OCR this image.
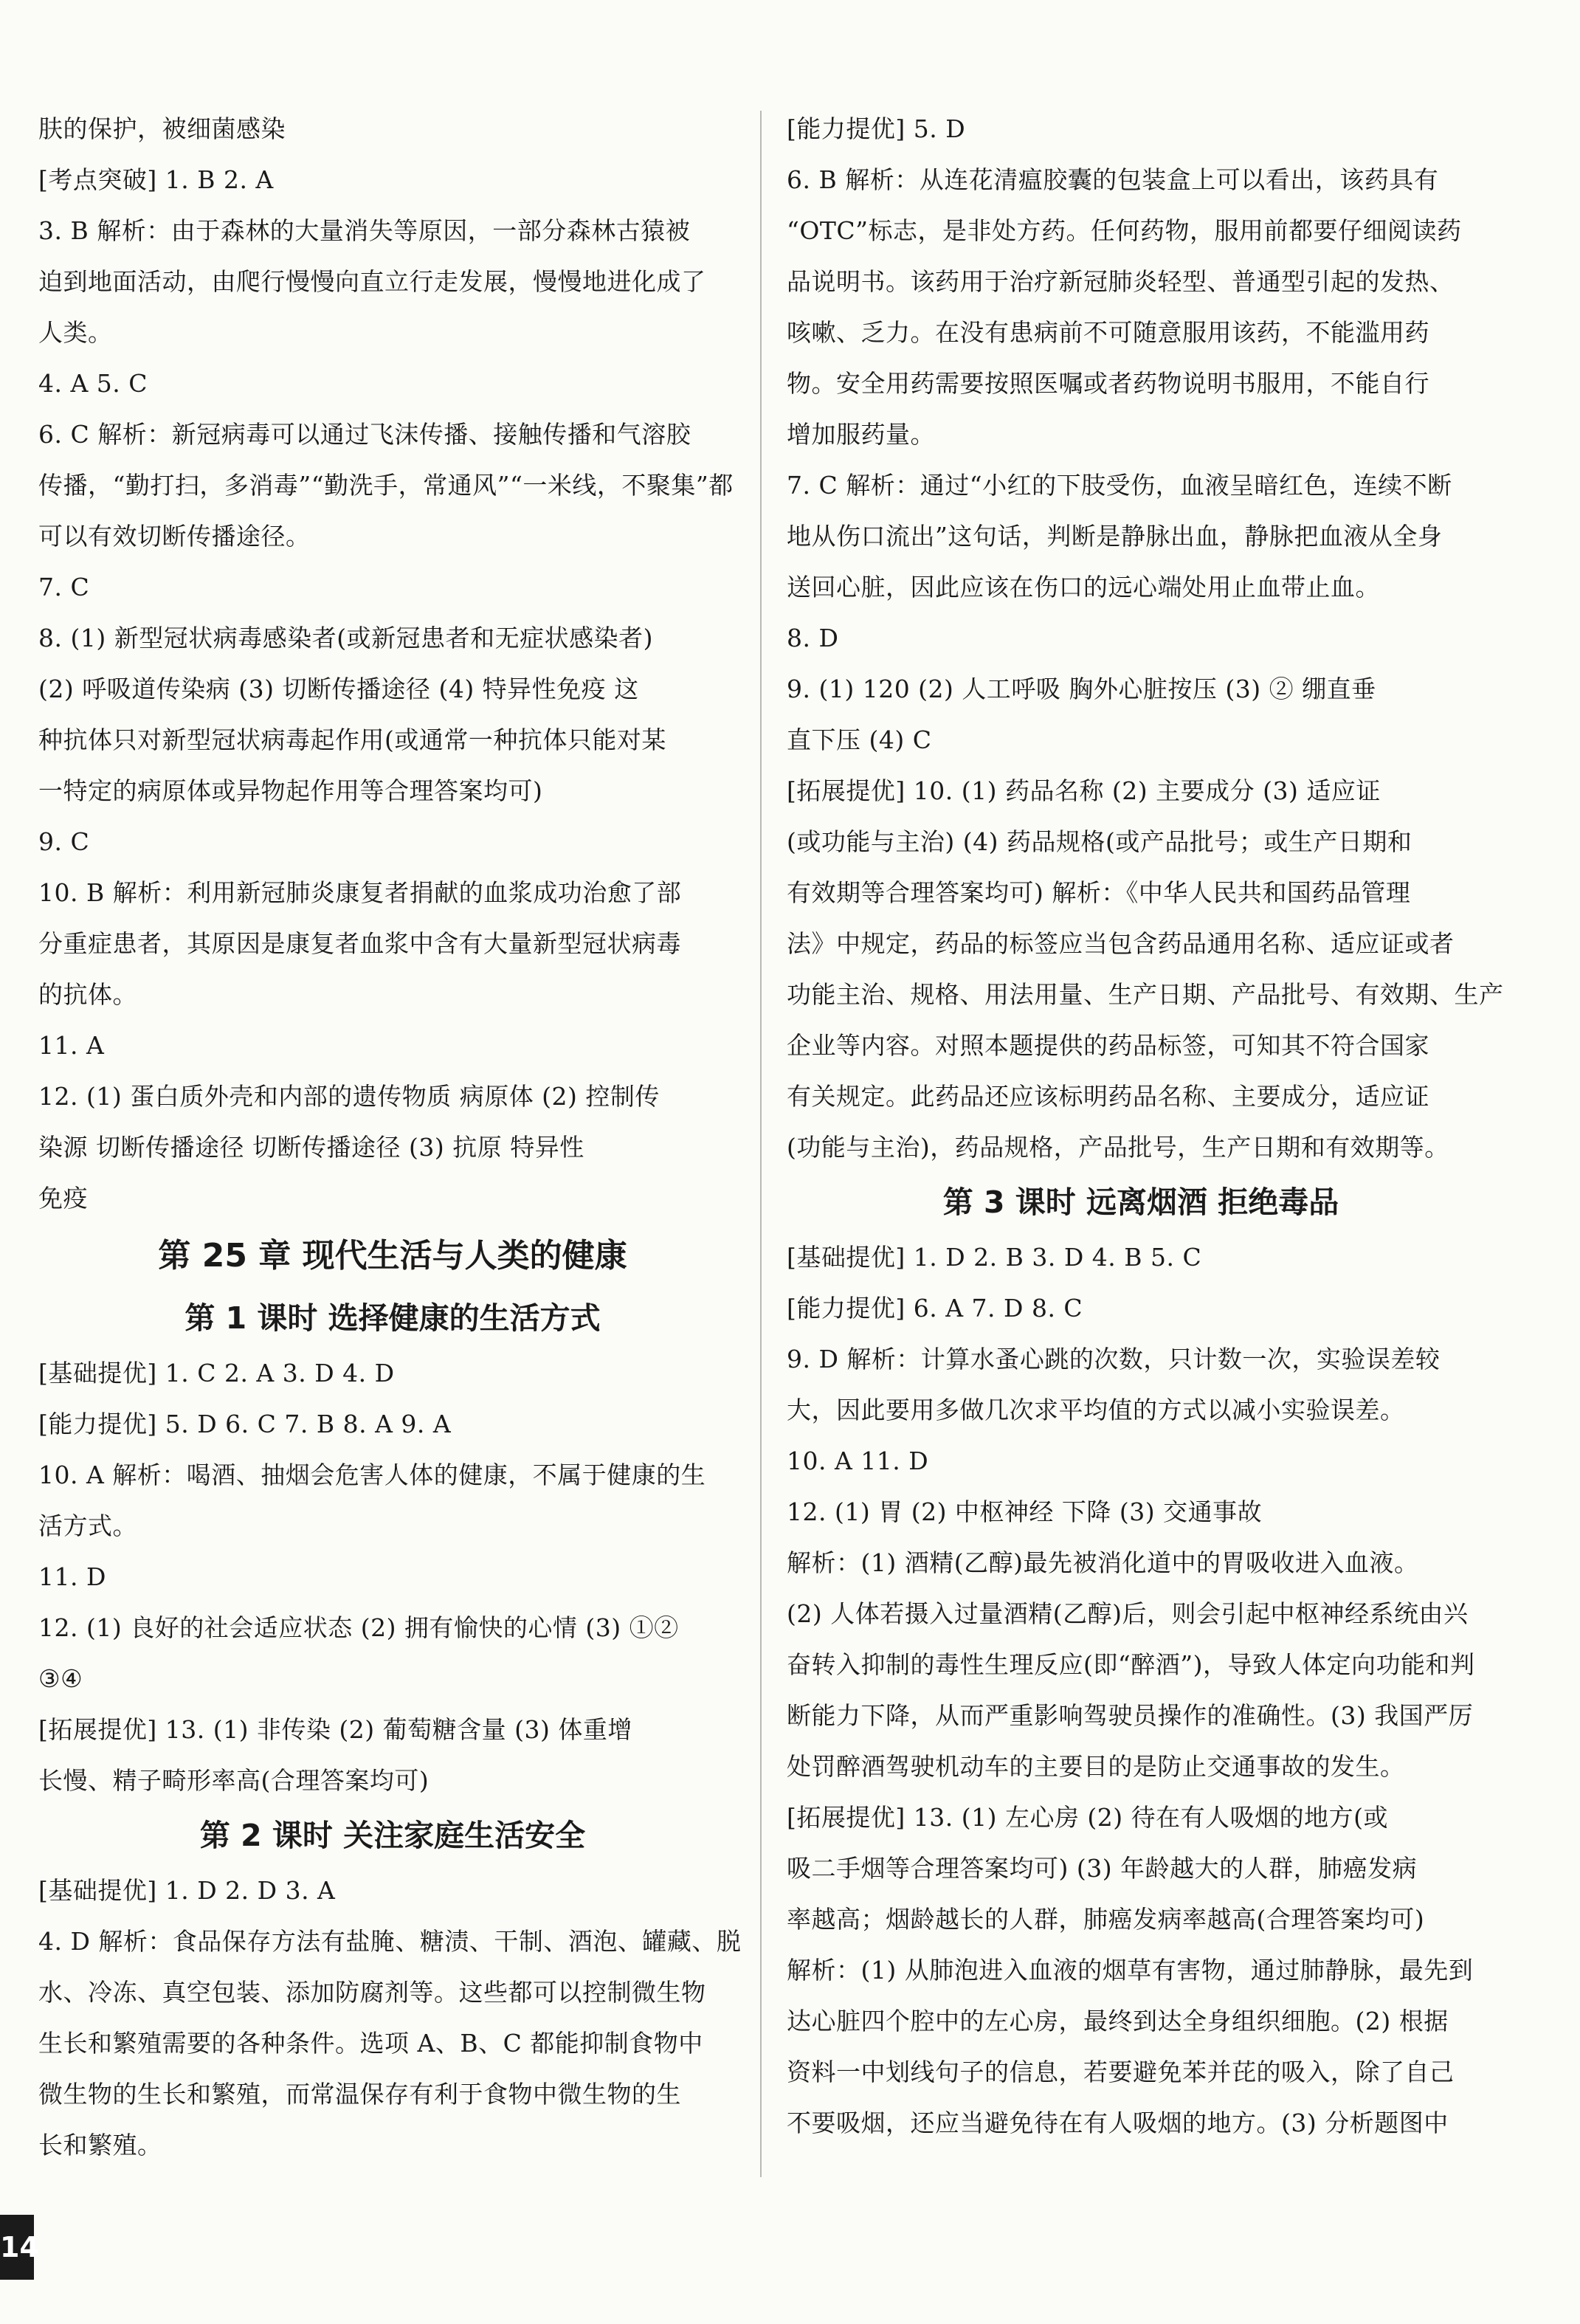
肤的保护，被细菌感染
[考点突破] 1. B 2. A
3. B 解析：由于森林的大量消失等原因，一部分森林古猿被
迫到地面活动，由爬行慢慢向直立行走发展，慢慢地进化成了
人类。
4. A 5. C
6. C 解析：新冠病毒可以通过飞沫传播、接触传播和气溶胶
传播，“勤打扫，多消毒”“勤洗手，常通风”“一米线，不聚集”都
可以有效切断传播途径。
7. C
8. (1) 新型冠状病毒感染者(或新冠患者和无症状感染者)
(2) 呼吸道传染病 (3) 切断传播途径 (4) 特异性免疫 这
种抗体只对新型冠状病毒起作用(或通常一种抗体只能对某
一特定的病原体或异物起作用等合理答案均可)
9. C
10. B 解析：利用新冠肺炎康复者捐献的血浆成功治愈了部
分重症患者，其原因是康复者血浆中含有大量新型冠状病毒
的抗体。
11. A
12. (1) 蛋白质外壳和内部的遗传物质 病原体 (2) 控制传
染源 切断传播途径 切断传播途径 (3) 抗原 特异性
免疫
第 25 章 现代生活与人类的健康
第 1 课时 选择健康的生活方式
[基础提优] 1. C 2. A 3. D 4. D
[能力提优] 5. D 6. C 7. B 8. A 9. A
10. A 解析：喝酒、抽烟会危害人体的健康，不属于健康的生
活方式。
11. D
12. (1) 良好的社会适应状态 (2) 拥有愉快的心情 (3) ①②
③④
[拓展提优] 13. (1) 非传染 (2) 葡萄糖含量 (3) 体重增
长慢、精子畸形率高(合理答案均可)
第 2 课时 关注家庭生活安全
[基础提优] 1. D 2. D 3. A
4. D 解析：食品保存方法有盐腌、糖渍、干制、酒泡、罐藏、脱
水、冷冻、真空包装、添加防腐剂等。这些都可以控制微生物
生长和繁殖需要的各种条件。选项 A、B、C 都能抑制食物中
微生物的生长和繁殖，而常温保存有利于食物中微生物的生
长和繁殖。
[能力提优] 5. D
6. B 解析：从连花清瘟胶囊的包装盒上可以看出，该药具有
“OTC”标志，是非处方药。任何药物，服用前都要仔细阅读药
品说明书。该药用于治疗新冠肺炎轻型、普通型引起的发热、
咳嗽、乏力。在没有患病前不可随意服用该药，不能滥用药
物。安全用药需要按照医嘱或者药物说明书服用，不能自行
增加服药量。
7. C 解析：通过“小红的下肢受伤，血液呈暗红色，连续不断
地从伤口流出”这句话，判断是静脉出血，静脉把血液从全身
送回心脏，因此应该在伤口的远心端处用止血带止血。
8. D
9. (1) 120 (2) 人工呼吸 胸外心脏按压 (3) ② 绷直垂
直下压 (4) C
[拓展提优] 10. (1) 药品名称 (2) 主要成分 (3) 适应证
(或功能与主治) (4) 药品规格(或产品批号；或生产日期和
有效期等合理答案均可) 解析：《中华人民共和国药品管理
法》中规定，药品的标签应当包含药品通用名称、适应证或者
功能主治、规格、用法用量、生产日期、产品批号、有效期、生产
企业等内容。对照本题提供的药品标签，可知其不符合国家
有关规定。此药品还应该标明药品名称、主要成分，适应证
(功能与主治)，药品规格，产品批号，生产日期和有效期等。
第 3 课时 远离烟酒 拒绝毒品
[基础提优] 1. D 2. B 3. D 4. B 5. C
[能力提优] 6. A 7. D 8. C
9. D 解析：计算水蚤心跳的次数，只计数一次，实验误差较
大，因此要用多做几次求平均值的方式以减小实验误差。
10. A 11. D
12. (1) 胃 (2) 中枢神经 下降 (3) 交通事故
解析：(1) 酒精(乙醇)最先被消化道中的胃吸收进入血液。
(2) 人体若摄入过量酒精(乙醇)后，则会引起中枢神经系统由兴
奋转入抑制的毒性生理反应(即“醉酒”)，导致人体定向功能和判
断能力下降，从而严重影响驾驶员操作的准确性。(3) 我国严厉
处罚醉酒驾驶机动车的主要目的是防止交通事故的发生。
[拓展提优] 13. (1) 左心房 (2) 待在有人吸烟的地方(或
吸二手烟等合理答案均可) (3) 年龄越大的人群，肺癌发病
率越高；烟龄越长的人群，肺癌发病率越高(合理答案均可)
解析：(1) 从肺泡进入血液的烟草有害物，通过肺静脉，最先到
达心脏四个腔中的左心房，最终到达全身组织细胞。(2) 根据
资料一中划线句子的信息，若要避免苯并芘的吸入，除了自己
不要吸烟，还应当避免待在有人吸烟的地方。(3) 分析题图中
14
